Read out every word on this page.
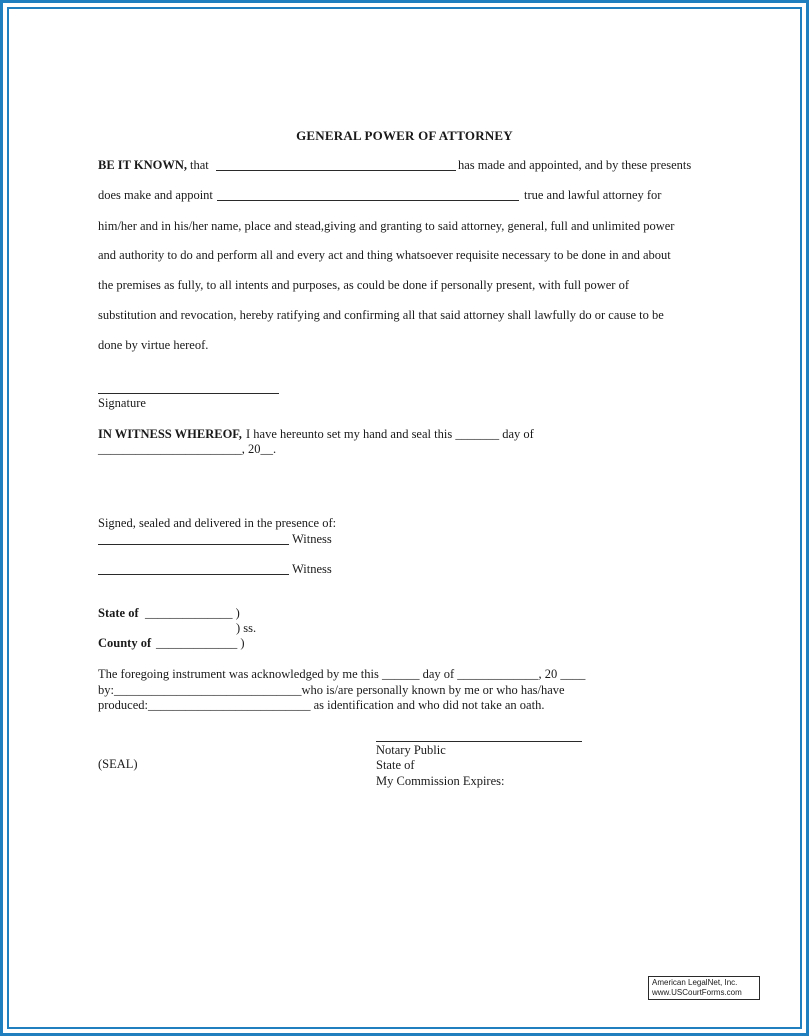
GENERAL POWER OF ATTORNEY
BE IT KNOWN, that	has made and appointed, and by these presents
does make and appoint	true and lawful attorney for
him/her and in his/her name, place and stead,giving and granting to said attorney, general, full and unlimited power
and authority to do and perform all and every act and thing whatsoever requisite necessary to be done in and about
the premises as fully, to all intents and purposes, as could be done if personally present, with full power of
substitution and revocation, hereby ratifying and confirming all that said attorney shall lawfully do or cause to be
done by virtue hereof.
Signature
IN WITNESS WHEREOF, I have hereunto set my hand and seal this _______ day of
_______________________, 20__.
Signed, sealed and delivered in the presence of:
Witness
Witness
State of ______________ )
) ss.
County of _____________ )
The foregoing instrument was acknowledged by me this ______ day of _____________, 20 ____
by:______________________________who is/are personally known by me or who has/have
produced:__________________________ as identification and who did not take an oath.
Notary Public
(SEAL)	State of
My Commission Expires:
American LegalNet, Inc.
www.USCourtForms.com
